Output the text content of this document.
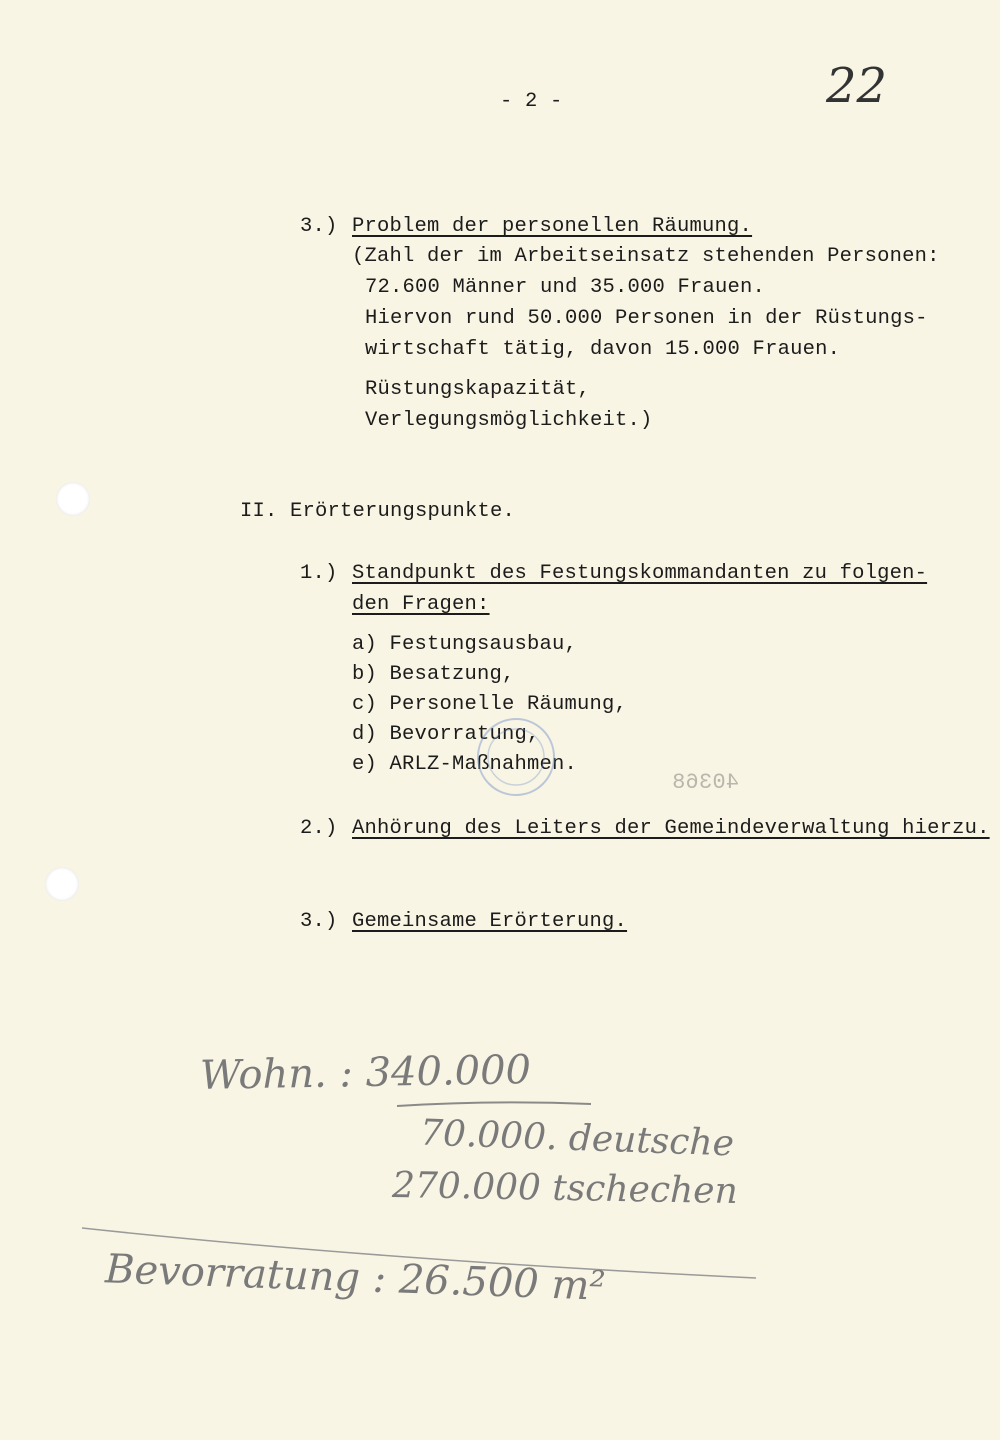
- 2 -	22
3.) Problem der personellen Räumung.
(Zahl der im Arbeitseinsatz stehenden Personen:
72.600 Männer und 35.000 Frauen.
Hiervon rund 50.000 Personen in der Rüstungs-
wirtschaft tätig, davon 15.000 Frauen.
Rüstungskapazität,
Verlegungsmöglichkeit.)
II. Erörterungspunkte.
1.) Standpunkt des Festungskommandanten zu folgen-
den Fragen:
a) Festungsausbau,
b) Besatzung,
c) Personelle Räumung,
d) Bevorratung,
e) ARLZ-Maßnahmen.
40368
2.) Anhörung des Leiters der Gemeindeverwaltung hierzu.
3.) Gemeinsame Erörterung.
Wohn. : 340.000
70.000. deutsche
270.000 tschechen
Bevorratung : 26.500 m²
